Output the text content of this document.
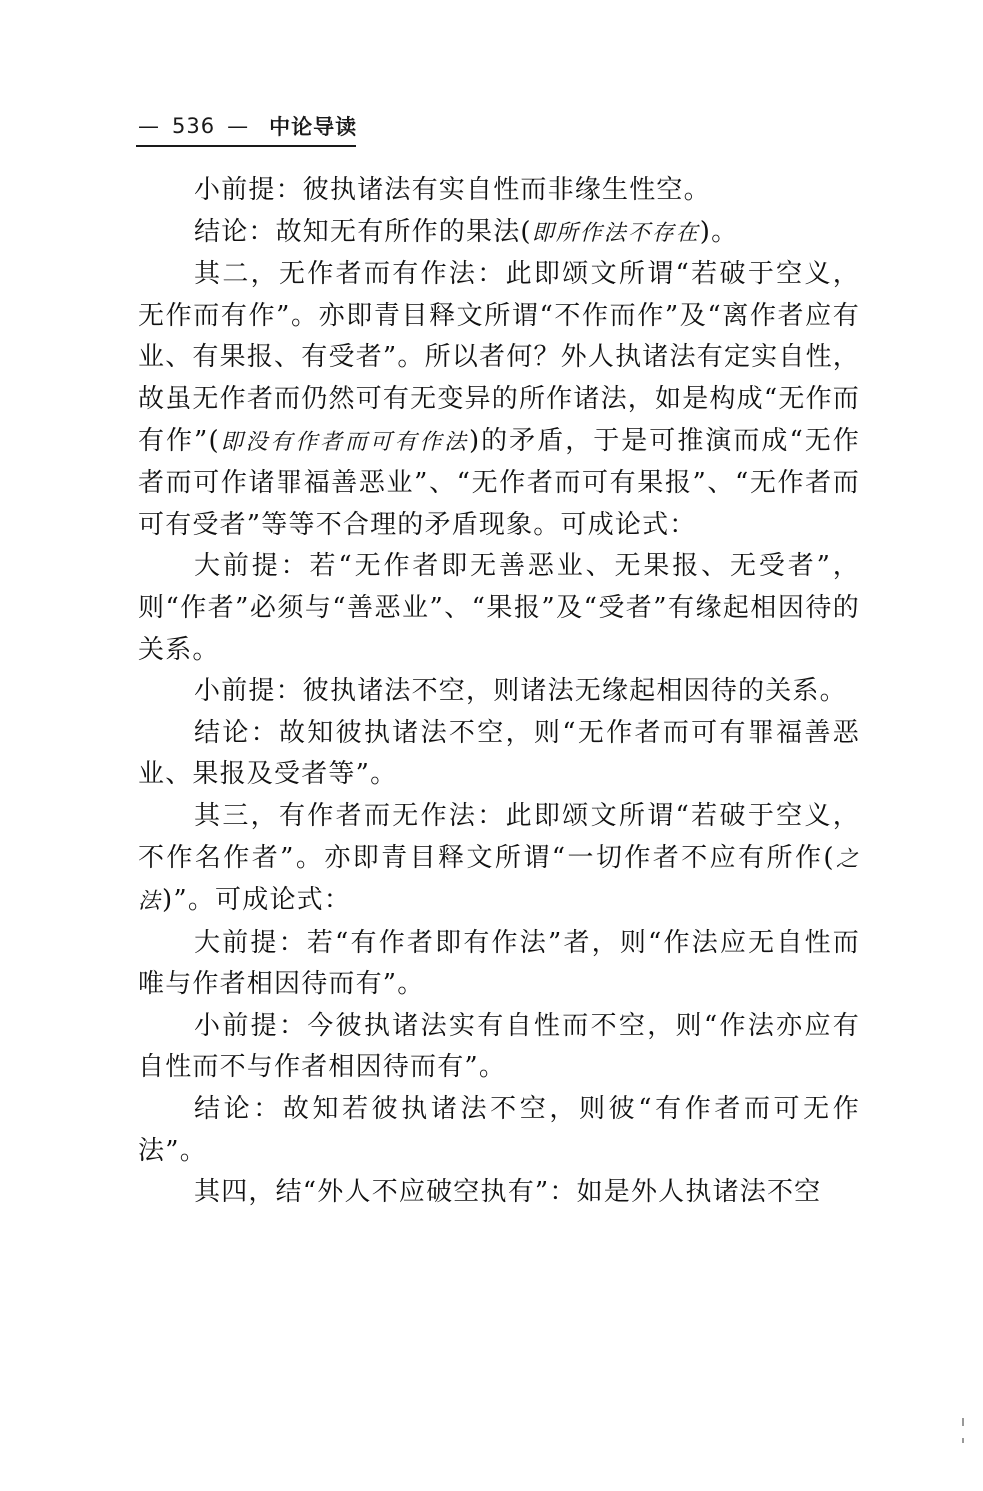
— 536 — 中论导读

小前提：彼执诸法有实自性而非缘生性空。

结论：故知无有所作的果法(即所作法不存在)。

其二，无作者而有作法：此即颂文所谓“若破于空义，无作而有作”。亦即青目释文所谓“不作而作”及“离作者应有业、有果报、有受者”。所以者何？外人执诸法有定实自性，故虽无作者而仍然可有无变异的所作诸法，如是构成“无作而有作”(即没有作者而可有作法)的矛盾，于是可推演而成“无作者而可作诸罪福善恶业”、“无作者而可有果报”、“无作者而可有受者”等等不合理的矛盾现象。可成论式：

大前提：若“无作者即无善恶业、无果报、无受者”，则“作者”必须与“善恶业”、“果报”及“受者”有缘起相因待的关系。

小前提：彼执诸法不空，则诸法无缘起相因待的关系。

结论：故知彼执诸法不空，则“无作者而可有罪福善恶业、果报及受者等”。

其三，有作者而无作法：此即颂文所谓“若破于空义，不作名作者”。亦即青目释文所谓“一切作者不应有所作(之法)”。可成论式：

大前提：若“有作者即有作法”者，则“作法应无自性而唯与作者相因待而有”。

小前提：今彼执诸法实有自性而不空，则“作法亦应有自性而不与作者相因待而有”。

结论：故知若彼执诸法不空，则彼“有作者而可无作法”。

其四，结“外人不应破空执有”：如是外人执诸法不空
